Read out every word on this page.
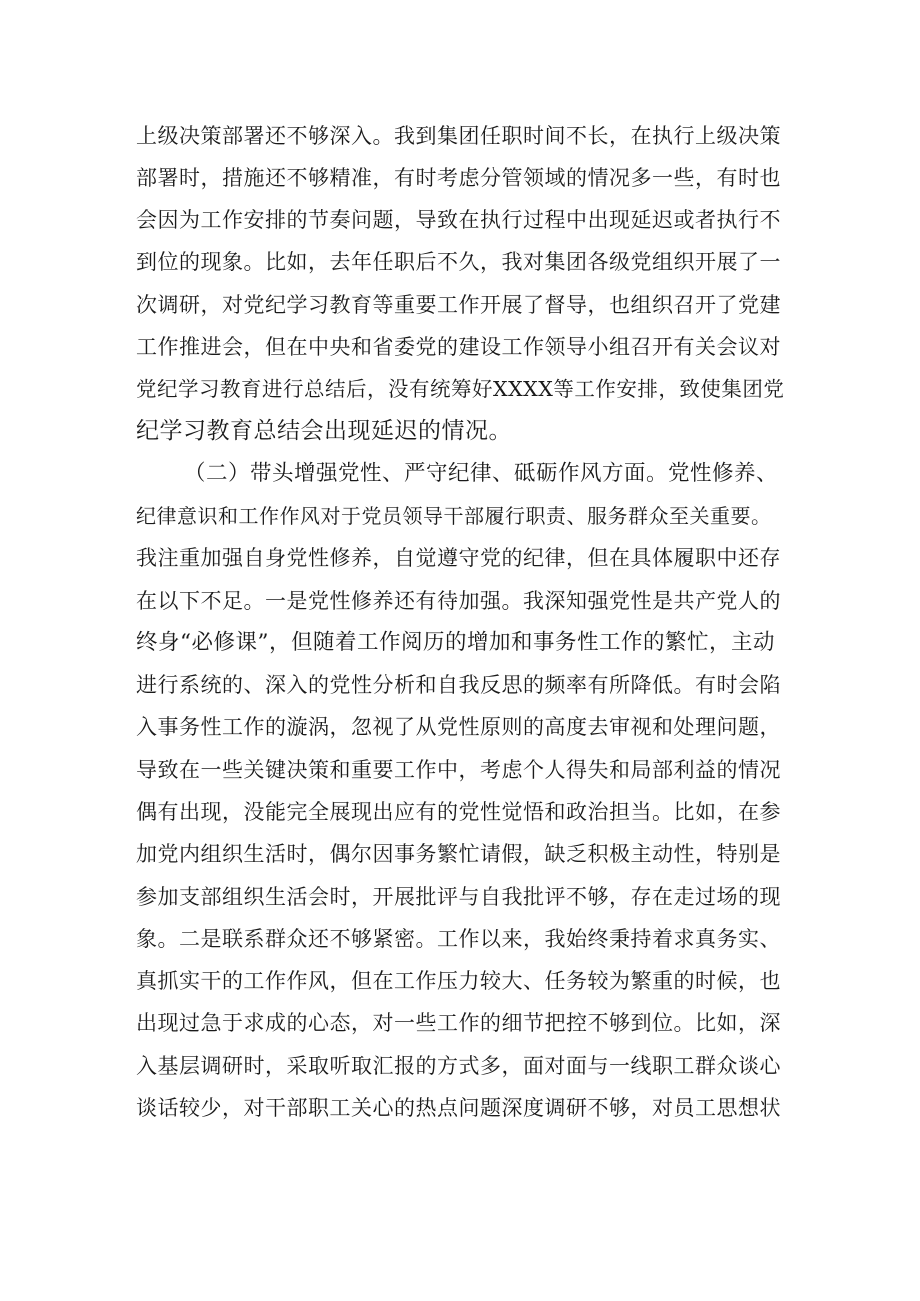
上级决策部署还不够深入。我到集团任职时间不长，在执行上级决策
部署时，措施还不够精准，有时考虑分管领域的情况多一些，有时也
会因为工作安排的节奏问题，导致在执行过程中出现延迟或者执行不
到位的现象。比如，去年任职后不久，我对集团各级党组织开展了一
次调研，对党纪学习教育等重要工作开展了督导，也组织召开了党建
工作推进会，但在中央和省委党的建设工作领导小组召开有关会议对
党纪学习教育进行总结后，没有统筹好XXXX等工作安排，致使集团党
纪学习教育总结会出现延迟的情况。
（二）带头增强党性、严守纪律、砥砺作风方面。党性修养、
纪律意识和工作作风对于党员领导干部履行职责、服务群众至关重要。
我注重加强自身党性修养，自觉遵守党的纪律，但在具体履职中还存
在以下不足。一是党性修养还有待加强。我深知强党性是共产党人的
终身“必修课”，但随着工作阅历的增加和事务性工作的繁忙，主动
进行系统的、深入的党性分析和自我反思的频率有所降低。有时会陷
入事务性工作的漩涡，忽视了从党性原则的高度去审视和处理问题，
导致在一些关键决策和重要工作中，考虑个人得失和局部利益的情况
偶有出现，没能完全展现出应有的党性觉悟和政治担当。比如，在参
加党内组织生活时，偶尔因事务繁忙请假，缺乏积极主动性，特别是
参加支部组织生活会时，开展批评与自我批评不够，存在走过场的现
象。二是联系群众还不够紧密。工作以来，我始终秉持着求真务实、
真抓实干的工作作风，但在工作压力较大、任务较为繁重的时候，也
出现过急于求成的心态，对一些工作的细节把控不够到位。比如，深
入基层调研时，采取听取汇报的方式多，面对面与一线职工群众谈心
谈话较少，对干部职工关心的热点问题深度调研不够，对员工思想状
